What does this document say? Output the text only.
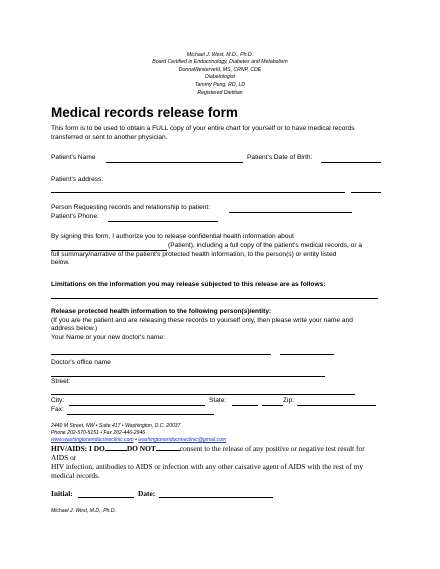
Michael J. West, M.D., Ph.D.
Board Certified in Endocrinology, Diabetes and Metabolism
DonnaWesterveld, MS, CRNP, CDE
Diabetologist
Tammy Peng, RD, LD
Registered Dietitian
Medical records release form
This form is to be used to obtain a FULL copy of your entire chart for yourself or to have medical records
transferred or sent to another physician.
Patient's Name	Patient's Date of Birth:
Patient's address:
Person Requesting records and relationship to patient:
Patient's Phone:
By signing this form, I authorize you to release confidential health information about
(Patient), including a full copy of the patient's medical records, or a
full summary/narrative of the patient's protected health information, to the person(s) or entity listed
below.
Limitations on the information you may release subjected to this release are as follows:
Release protected health information to the following person(s)/entity:
(If you are the patient and are releasing these records to yourself only, then please write your name and
address below.)
Your Name or your new doctor's name:
Doctor's office name
Street:
City:	State:	Zip:
Fax:
2440 M Street, NW • Suite 417 • Washington, D.C. 20037
Phone 202-570-5151 • Fax 202-446-2946
www.washingtonendocrineclinic.com • washingtonendocrineclinic@gmail.com
HIV/AIDS: I DO	DO NOT	consent to the release of any positive or negative test result for
AIDS or
HIV infection, antibodies to AIDS or infection with any other caisative agent of AIDS with the rest of my
medical records.
Initial:	Date:
Michael J. West, M.D., Ph.D.
